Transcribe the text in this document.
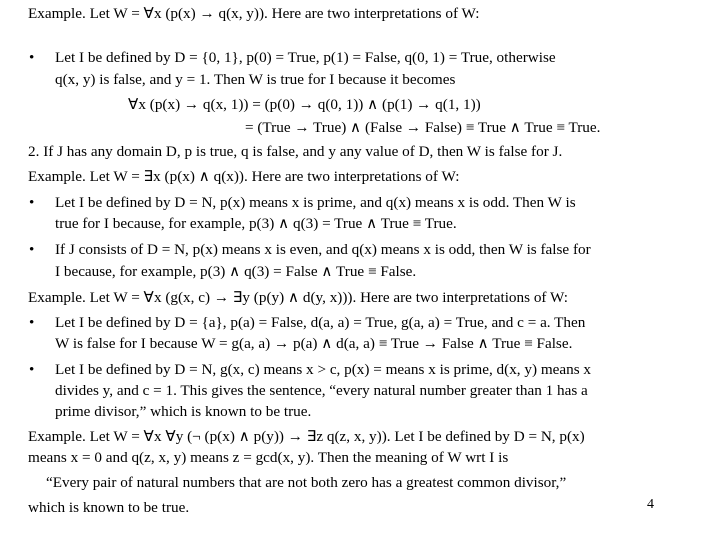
Example. Let W = ∀x (p(x) → q(x, y)). Here are two interpretations of W:
• Let I be defined by D = {0, 1}, p(0) = True, p(1) = False, q(0, 1) = True, otherwise
q(x, y) is false, and y = 1. Then W is true for I because it becomes
∀x (p(x) → q(x, 1)) = (p(0) → q(0, 1)) ∧ (p(1) → q(1, 1))
= (True → True) ∧ (False → False) ≡ True ∧ True ≡ True.
2. If J has any domain D, p is true, q is false, and y any value of D, then W is false for J.
Example. Let W = ∃x (p(x) ∧ q(x)). Here are two interpretations of W:
• Let I be defined by D = N, p(x) means x is prime, and q(x) means x is odd. Then W is
true for I because, for example, p(3) ∧ q(3) = True ∧ True ≡ True.
• If J consists of D = N, p(x) means x is even, and q(x) means x is odd, then W is false for
I because, for example, p(3) ∧ q(3) = False ∧ True ≡ False.
Example. Let W = ∀x (g(x, c) → ∃y (p(y) ∧ d(y, x))). Here are two interpretations of W:
• Let I be defined by D = {a}, p(a) = False, d(a, a) = True, g(a, a) = True, and c = a. Then
W is false for I because W = g(a, a) → p(a) ∧ d(a, a) ≡ True → False ∧ True ≡ False.
• Let I be defined by D = N, g(x, c) means x > c, p(x) = means x is prime, d(x, y) means x
divides y, and c = 1. This gives the sentence, “every natural number greater than 1 has a
prime divisor,” which is known to be true.
Example. Let W = ∀x ∀y (¬ (p(x) ∧ p(y)) → ∃z q(z, x, y)). Let I be defined by D = N, p(x)
means x = 0 and q(z, x, y) means z = gcd(x, y). Then the meaning of W wrt I is
“Every pair of natural numbers that are not both zero has a greatest common divisor,”
which is known to be true.	4
